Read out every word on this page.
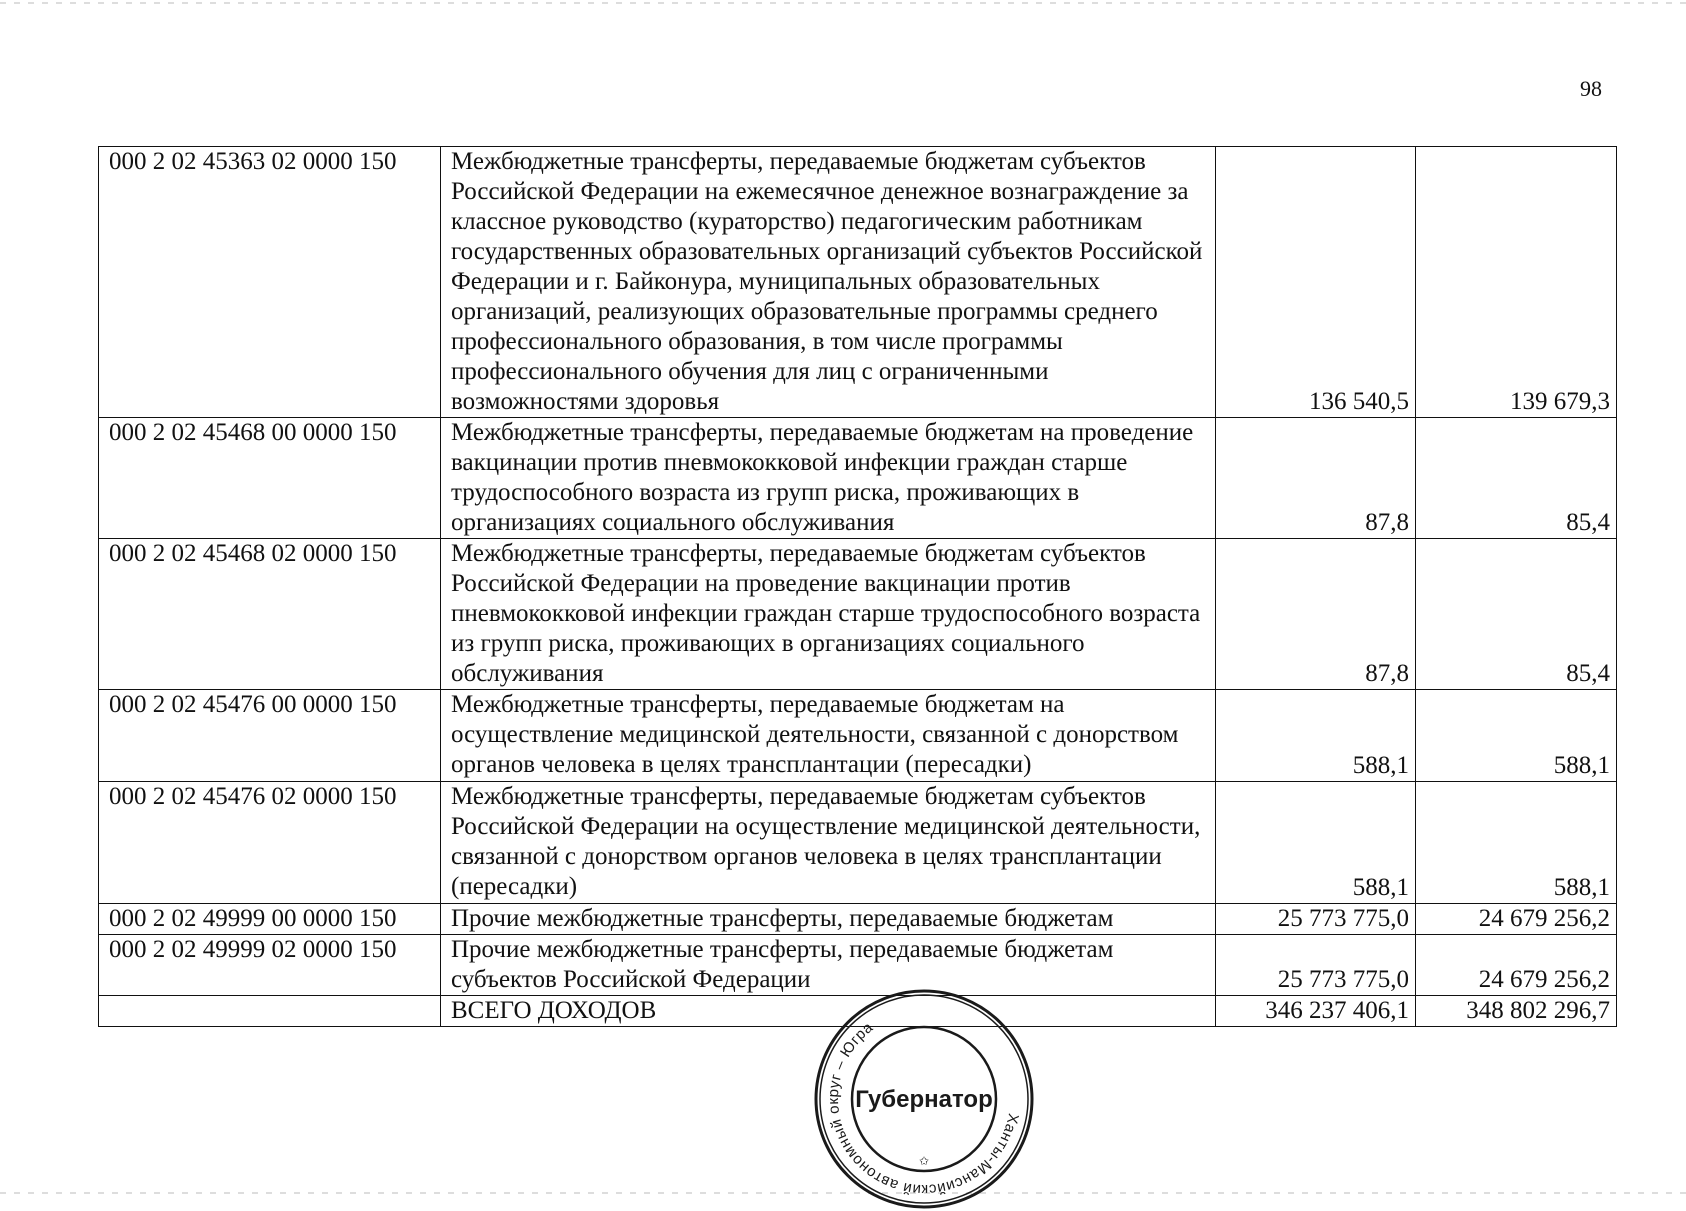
98
000 2 02 45363 02 0000 150	Межбюджетные трансферты, передаваемые бюджетам субъектов Российской Федерации на ежемесячное денежное вознаграждение за классное руководство (кураторство) педагогическим работникам государственных образовательных организаций субъектов Российской Федерации и г. Байконура, муниципальных образовательных организаций, реализующих образовательные программы среднего профессионального образования, в том числе программы профессионального обучения для лиц с ограниченными возможностями здоровья	136 540,5	139 679,3
000 2 02 45468 00 0000 150	Межбюджетные трансферты, передаваемые бюджетам на проведение вакцинации против пневмококковой инфекции граждан старше трудоспособного возраста из групп риска, проживающих в организациях социального обслуживания	87,8	85,4
000 2 02 45468 02 0000 150	Межбюджетные трансферты, передаваемые бюджетам субъектов Российской Федерации на проведение вакцинации против пневмококковой инфекции граждан старше трудоспособного возраста из групп риска, проживающих в организациях социального обслуживания	87,8	85,4
000 2 02 45476 00 0000 150	Межбюджетные трансферты, передаваемые бюджетам на осуществление медицинской деятельности, связанной с донорством органов человека в целях трансплантации (пересадки)	588,1	588,1
000 2 02 45476 02 0000 150	Межбюджетные трансферты, передаваемые бюджетам субъектов Российской Федерации на осуществление медицинской деятельности, связанной с донорством органов человека в целях трансплантации (пересадки)	588,1	588,1
000 2 02 49999 00 0000 150	Прочие межбюджетные трансферты, передаваемые бюджетам	25 773 775,0	24 679 256,2
000 2 02 49999 02 0000 150	Прочие межбюджетные трансферты, передаваемые бюджетам субъектов Российской Федерации	25 773 775,0	24 679 256,2
	ВСЕГО ДОХОДОВ	346 237 406,1	348 802 296,7
Ханты-Мансийский автономный округ – Югра
Губернатор
✩
